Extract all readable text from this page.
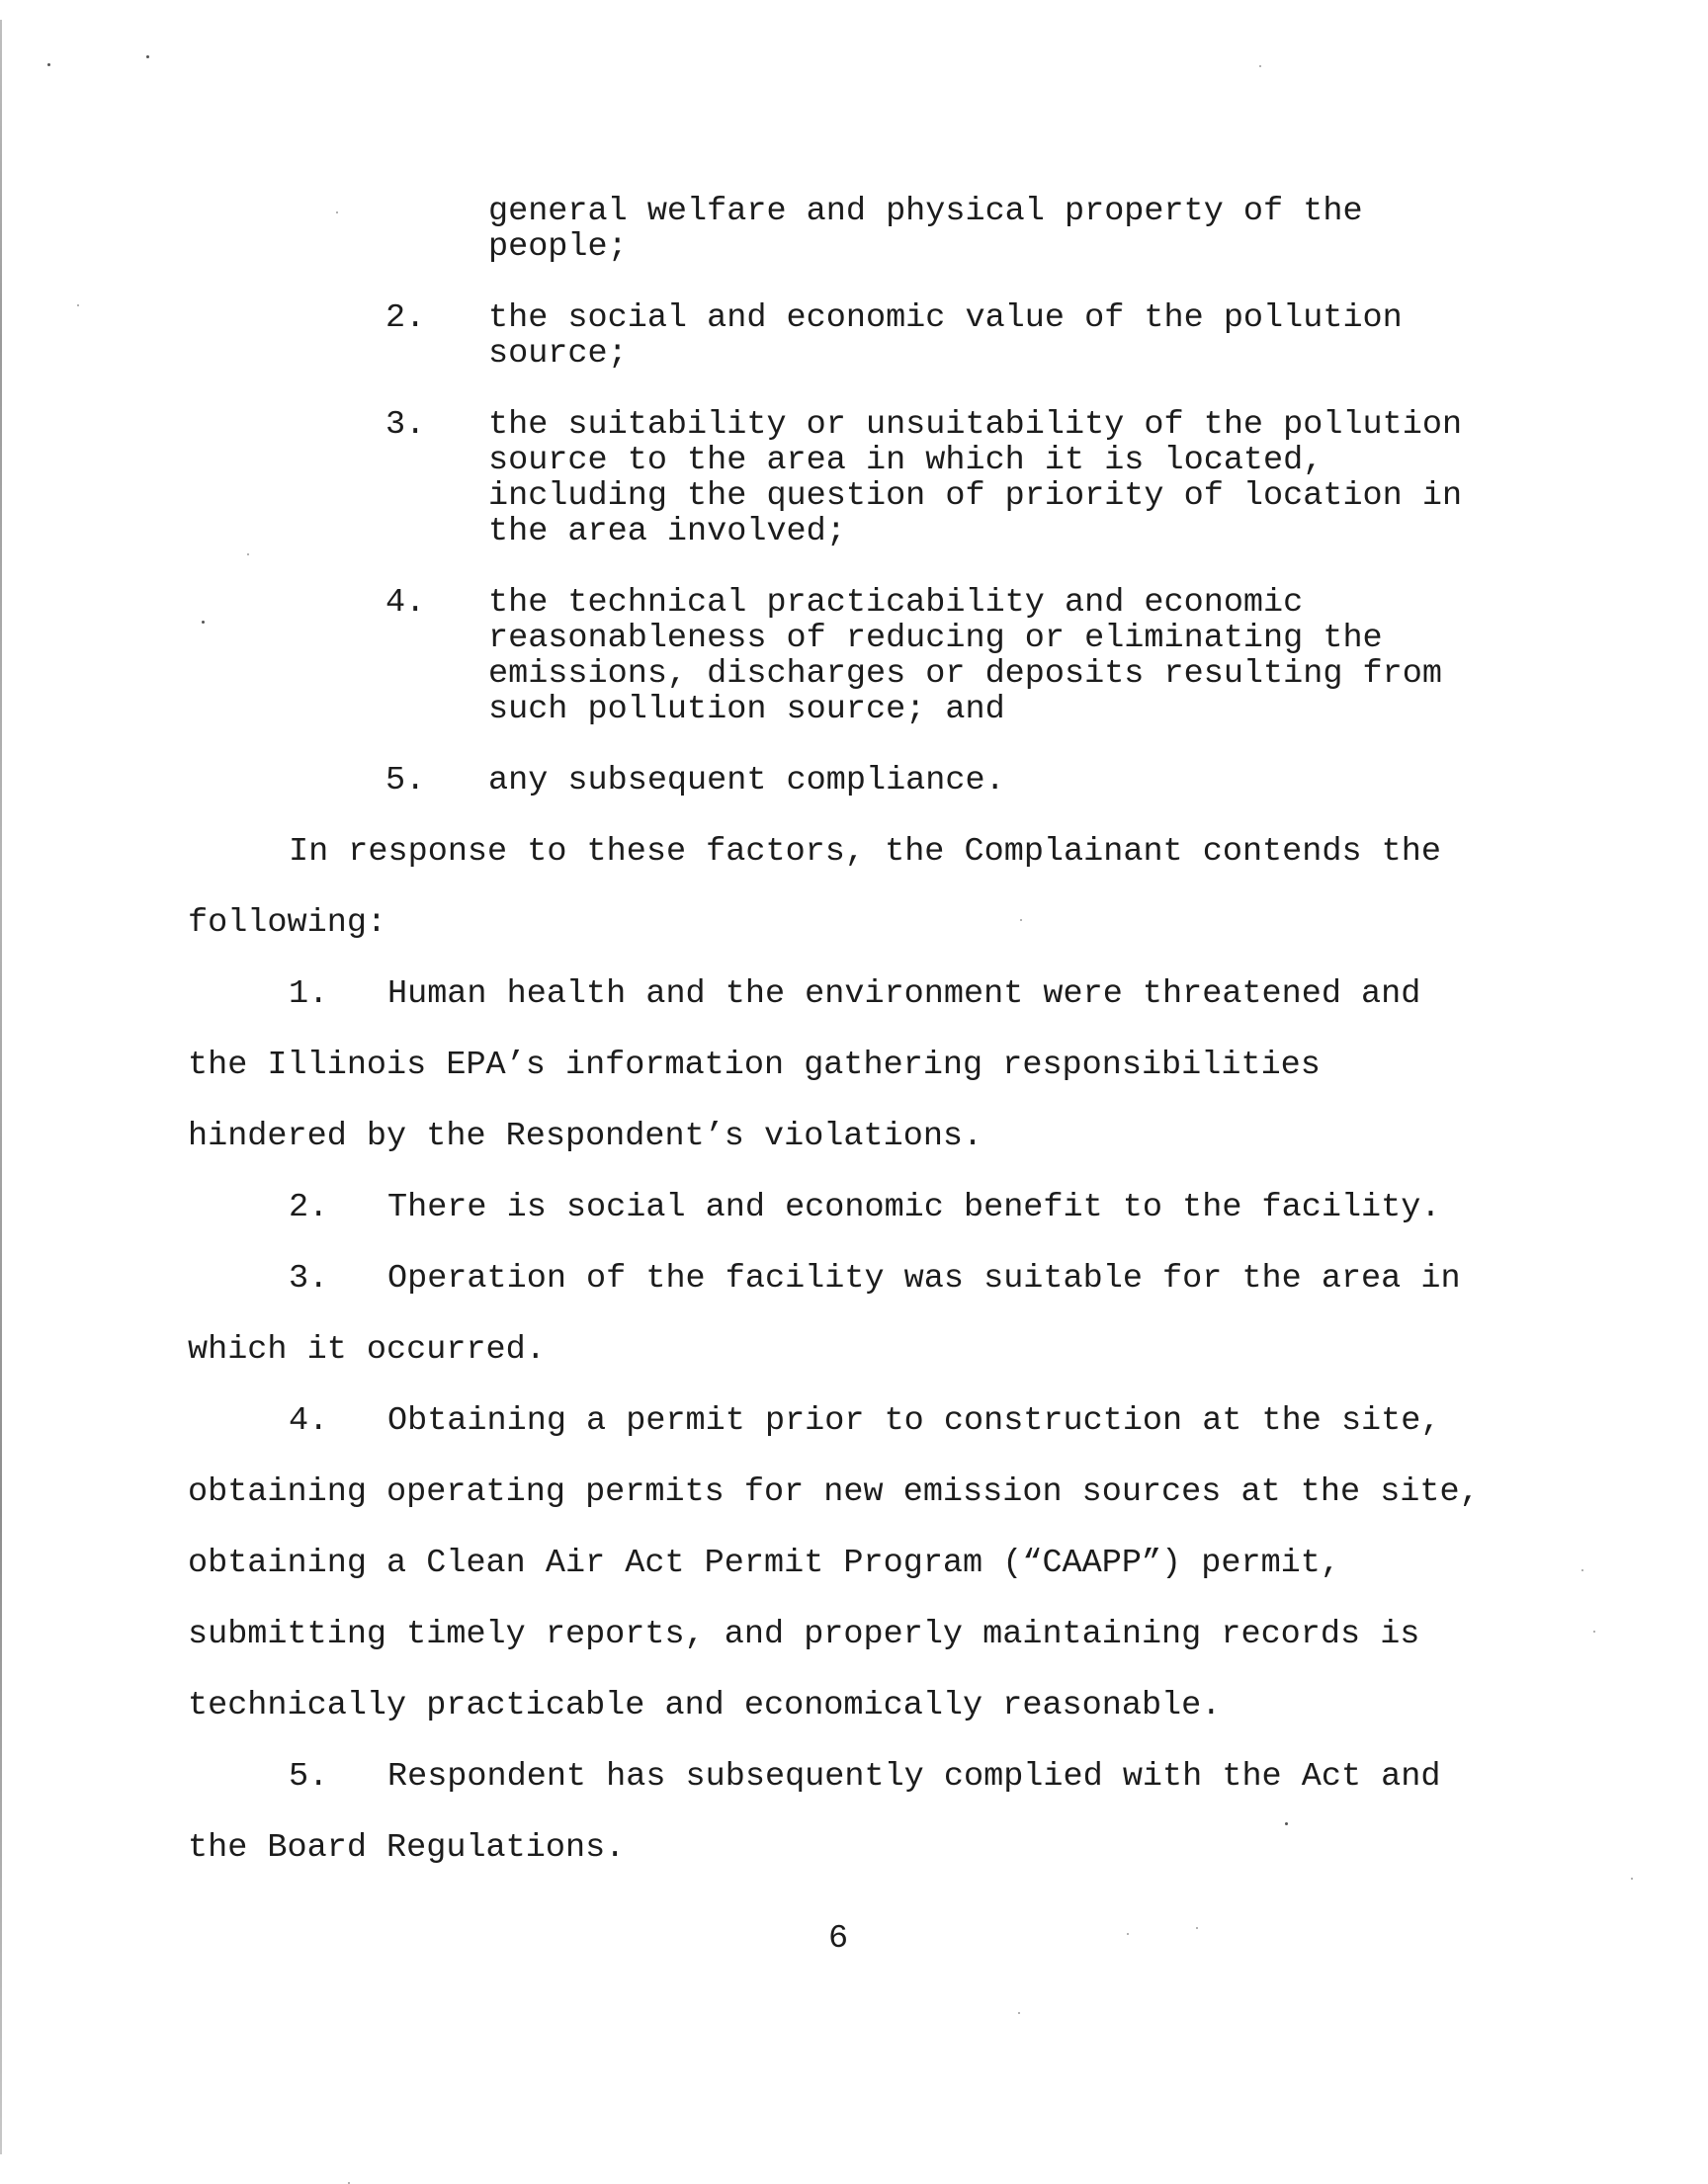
general welfare and physical property of the

people;

2.

the social and economic value of the pollution

source;

3.

the suitability or unsuitability of the pollution

source to the area in which it is located,

including the question of priority of location in

the area involved;

4.

the technical practicability and economic

reasonableness of reducing or eliminating the

emissions, discharges or deposits resulting from

such pollution source; and

5.

any subsequent compliance.

In response to these factors, the Complainant contends the

following:

1.

Human health and the environment were threatened and

the Illinois EPA’s information gathering responsibilities

hindered by the Respondent’s violations.

2.

There is social and economic benefit to the facility.

3.

Operation of the facility was suitable for the area in

which it occurred.

4.

Obtaining a permit prior to construction at the site,

obtaining operating permits for new emission sources at the site,

obtaining a Clean Air Act Permit Program (“CAAPP”) permit,

submitting timely reports, and properly maintaining records is

technically practicable and economically reasonable.

5.

Respondent has subsequently complied with the Act and

the Board Regulations.

6
